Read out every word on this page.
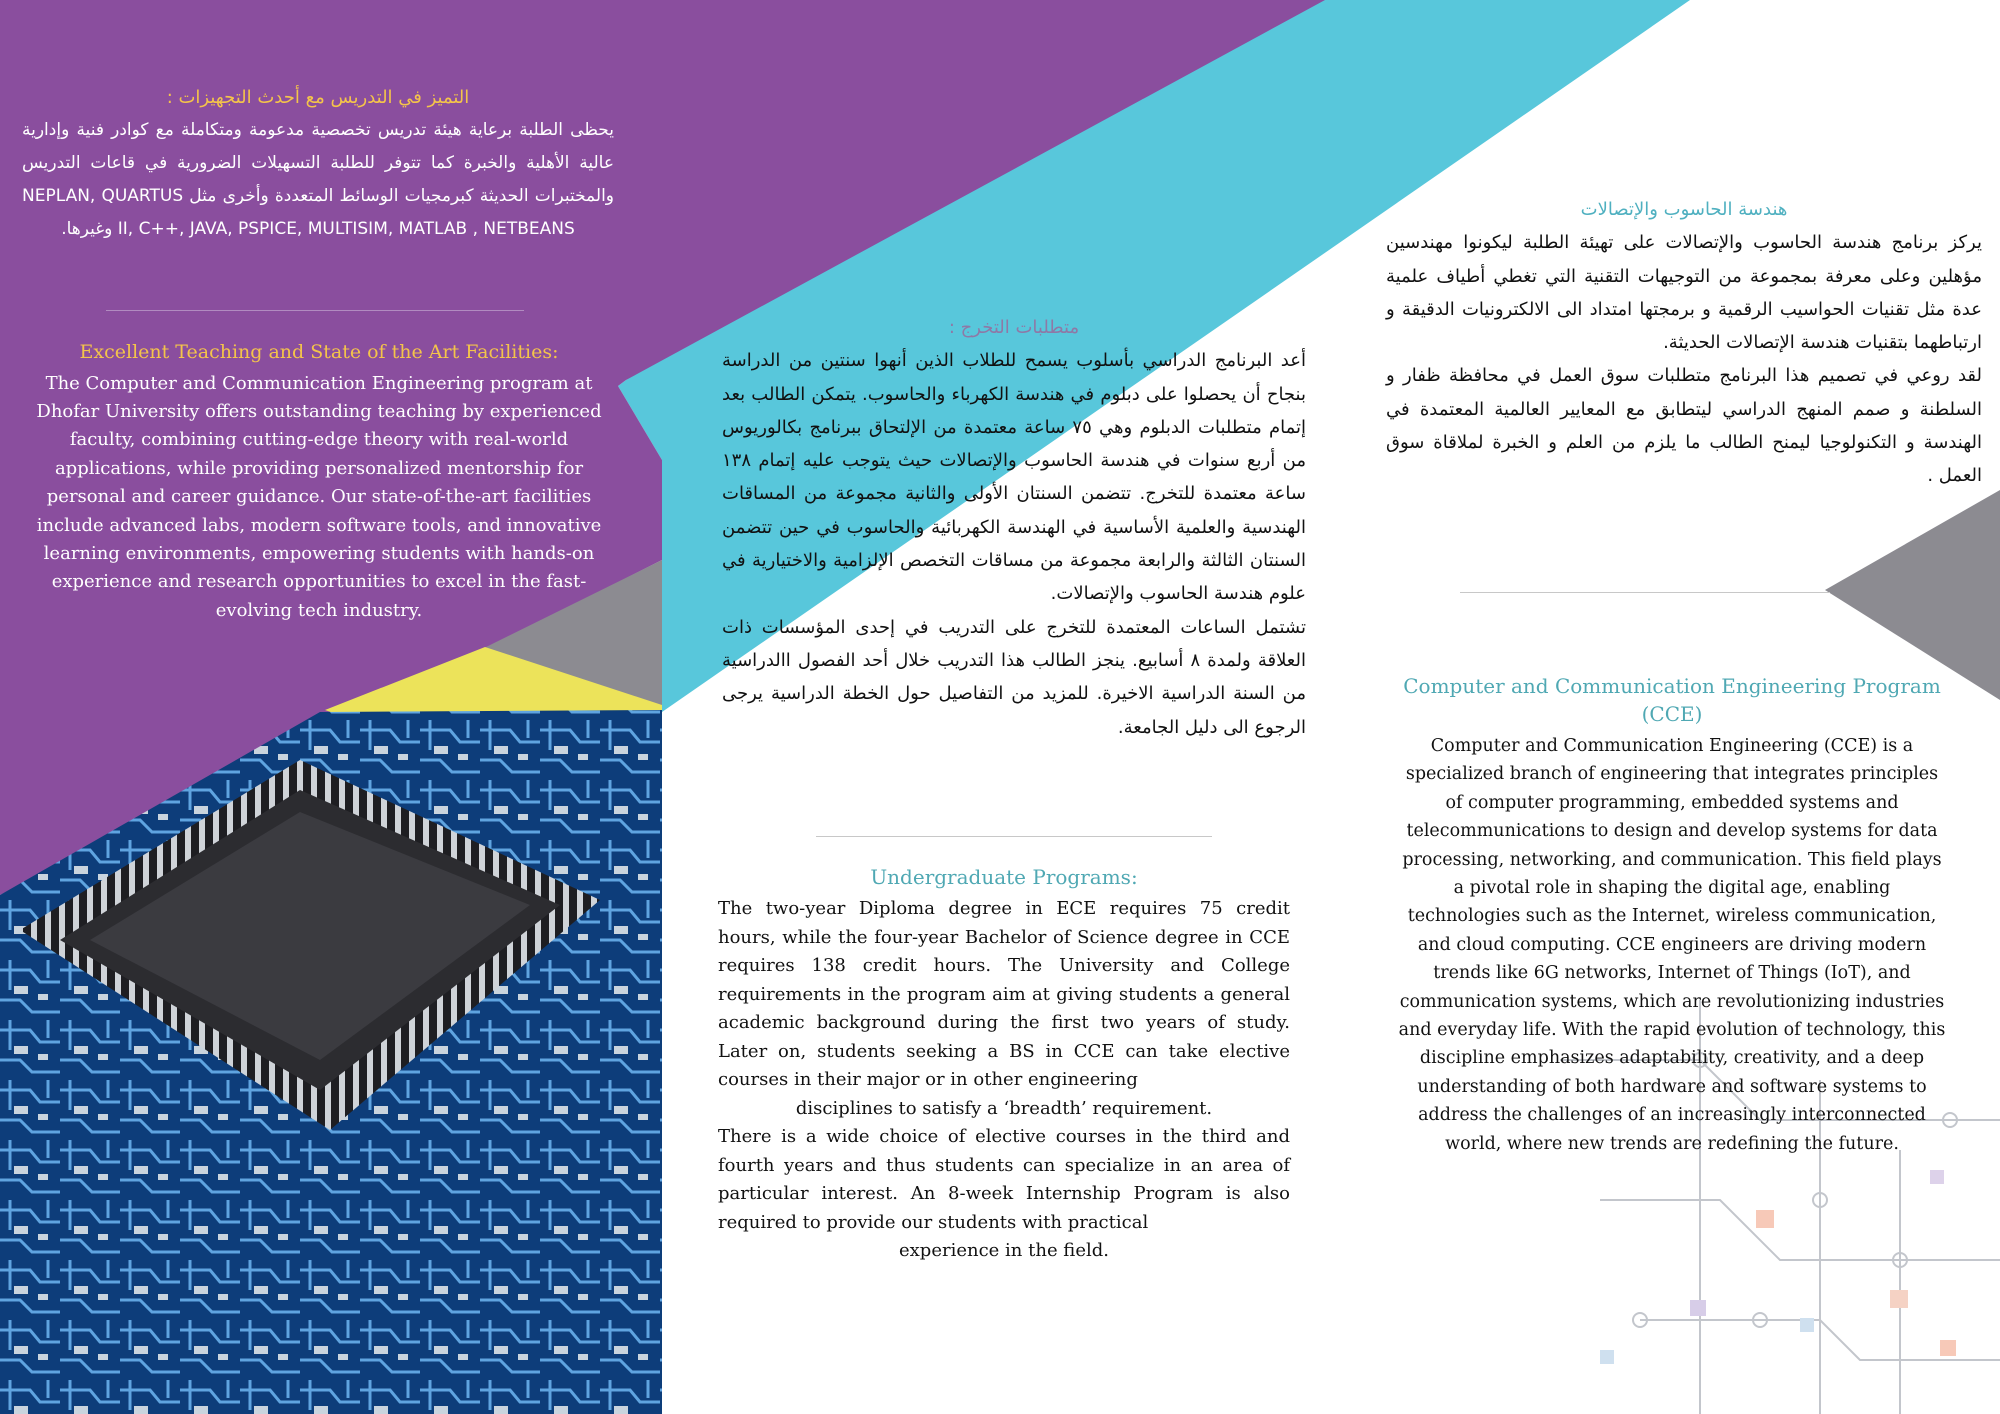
التميز في التدريس مع أحدث التجهيزات :

يحظى الطلبة برعاية هيئة تدريس تخصصية مدعومة ومتكاملة مع كوادر فنية وإدارية عالية الأهلية والخبرة كما تتوفر للطلبة التسهيلات الضرورية في قاعات التدريس والمختبرات الحديثة كبرمجيات الوسائط المتعددة وأخرى مثل NEPLAN, QUARTUS II, C++, JAVA, PSPICE, MULTISIM, MATLAB , NETBEANS وغيرها.

Excellent Teaching and State of the Art Facilities:

The Computer and Communication Engineering program at Dhofar University offers outstanding teaching by experienced faculty, combining cutting-edge theory with real-world applications, while providing personalized mentorship for personal and career guidance. Our state-of-the-art facilities include advanced labs, modern software tools, and innovative learning environments, empowering students with hands-on experience and research opportunities to excel in the fast-evolving tech industry.

متطلبات التخرج :

أعد البرنامج الدراسي بأسلوب يسمح للطلاب الذين أنهوا سنتين من الدراسة بنجاح أن يحصلوا على دبلوم في هندسة الكهرباء والحاسوب. يتمكن الطالب بعد إتمام متطلبات الدبلوم وهي ٧٥ ساعة معتمدة من الإلتحاق ببرنامج بكالوريوس من أربع سنوات في هندسة الحاسوب والإتصالات حيث يتوجب عليه إتمام ١٣٨ ساعة معتمدة للتخرج. تتضمن السنتان الأولى والثانية مجموعة من المساقات الهندسية والعلمية الأساسية في الهندسة الكهربائية والحاسوب في حين تتضمن السنتان الثالثة والرابعة مجموعة من مساقات التخصص الإلزامية والاختيارية في علوم هندسة الحاسوب والإتصالات.

تشتمل الساعات المعتمدة للتخرج على التدريب في إحدى المؤسسات ذات العلاقة ولمدة ٨ أسابيع. ينجز الطالب هذا التدريب خلال أحد الفصول االدراسية من السنة الدراسية الاخيرة. للمزيد من التفاصيل حول الخطة الدراسية يرجى الرجوع الى دليل الجامعة.

Undergraduate Programs:

The two-year Diploma degree in ECE requires 75 credit hours, while the four-year Bachelor of Science degree in CCE requires 138 credit hours. The University and College requirements in the program aim at giving students a general academic background during the first two years of study. Later on, students seeking a BS in CCE can take elective courses in their major or in other engineering

disciplines to satisfy a ‘breadth’ requirement.

There is a wide choice of elective courses in the third and fourth years and thus students can specialize in an area of particular interest. An 8-week Internship Program is also required to provide our students with practical

experience in the field.

هندسة الحاسوب والإتصالات

يركز برنامج هندسة الحاسوب والإتصالات على تهيئة الطلبة ليكونوا مهندسين مؤهلين وعلى معرفة بمجموعة من التوجيهات التقنية التي تغطي أطياف علمية عدة مثل تقنيات الحواسيب الرقمية و برمجتها امتداد الى الالكترونيات الدقيقة و ارتباطهما بتقنيات هندسة الإتصالات الحديثة.

لقد روعي في تصميم هذا البرنامج متطلبات سوق العمل في محافظة ظفار و السلطنة و صمم المنهج الدراسي ليتطابق مع المعايير العالمية المعتمدة في الهندسة و التكنولوجيا ليمنح الطالب ما يلزم من العلم و الخبرة لملاقاة سوق العمل .

Computer and Communication Engineering Program (CCE)

Computer and Communication Engineering (CCE) is a specialized branch of engineering that integrates principles of computer programming, embedded systems and telecommunications to design and develop systems for data processing, networking, and communication. This field plays a pivotal role in shaping the digital age, enabling technologies such as the Internet, wireless communication, and cloud computing. CCE engineers are driving modern trends like 6G networks, Internet of Things (IoT), and communication systems, which are revolutionizing industries and everyday life. With the rapid evolution of technology, this discipline emphasizes adaptability, creativity, and a deep understanding of both hardware and software systems to address the challenges of an increasingly interconnected world, where new trends are redefining the future.
